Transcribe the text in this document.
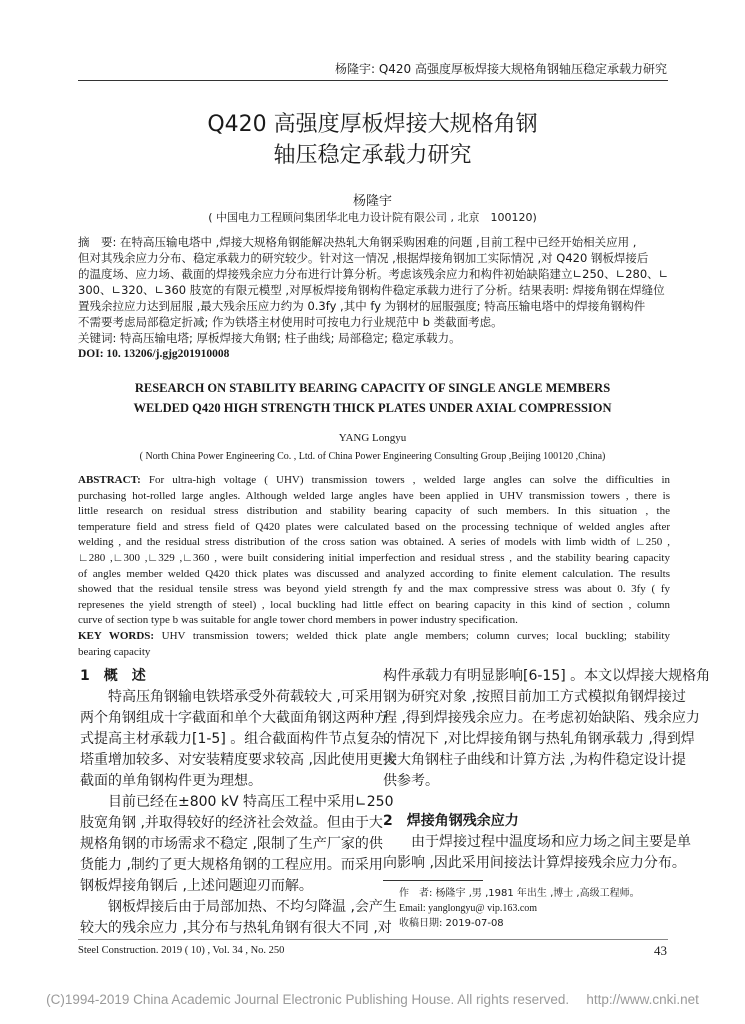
杨隆宇: Q420 高强度厚板焊接大规格角钢轴压稳定承载力研究
Q420 高强度厚板焊接大规格角钢
轴压稳定承载力研究
杨隆宇
( 中国电力工程顾问集团华北电力设计院有限公司 , 北京　100120)
摘　要: 在特高压输电塔中 ,焊接大规格角钢能解决热轧大角钢采购困难的问题 ,目前工程中已经开始相关应用 ,
但对其残余应力分布、稳定承载力的研究较少。针对这一情况 ,根据焊接角钢加工实际情况 ,对 Q420 钢板焊接后
的温度场、应力场、截面的焊接残余应力分布进行计算分析。考虑该残余应力和构件初始缺陷建立∟250、∟280、∟
300、∟320、∟360 肢宽的有限元模型 ,对厚板焊接角钢构件稳定承载力进行了分析。结果表明: 焊接角钢在焊缝位
置残余拉应力达到屈服 ,最大残余压应力约为 0.3fy ,其中 fy 为钢材的屈服强度; 特高压输电塔中的焊接角钢构件
不需要考虑局部稳定折减; 作为铁塔主材使用时可按电力行业规范中 b 类截面考虑。
关键词: 特高压输电塔; 厚板焊接大角钢; 柱子曲线; 局部稳定; 稳定承载力。
DOI: 10. 13206/j.gjg201910008
RESEARCH ON STABILITY BEARING CAPACITY OF SINGLE ANGLE MEMBERS
WELDED Q420 HIGH STRENGTH THICK PLATES UNDER AXIAL COMPRESSION
YANG Longyu
( North China Power Engineering Co. , Ltd. of China Power Engineering Consulting Group ,Beijing 100120 ,China)
ABSTRACT: For ultra-high voltage ( UHV) transmission towers , welded large angles can solve the difficulties in
purchasing hot-rolled large angles. Although welded large angles have been applied in UHV transmission towers , there is
little research on residual stress distribution and stability bearing capacity of such members. In this situation , the
temperature field and stress field of Q420 plates were calculated based on the processing technique of welded angles after
welding , and the residual stress distribution of the cross sation was obtained. A series of models with limb width of ∟250 ,
∟280 ,∟300 ,∟329 ,∟360 , were built considering initial imperfection and residual stress , and the stability bearing capacity
of angles member welded Q420 thick plates was discussed and analyzed according to finite element calculation. The results
showed that the residual tensile stress was beyond yield strength fy and the max compressive stress was about 0. 3fy ( fy
represenes the yield strength of steel) , local buckling had little effect on bearing capacity in this kind of section , column
curve of section type b was suitable for angle tower chord members in power industry specification.
KEY WORDS: UHV transmission towers; welded thick plate angle members; column curves; local buckling; stability
bearing capacity
1　概　述
特高压角钢输电铁塔承受外荷载较大 ,可采用
两个角钢组成十字截面和单个大截面角钢这两种方
式提高主材承载力[1-5] 。组合截面构件节点复杂、
塔重增加较多、对安装精度要求较高 ,因此使用更大
截面的单角钢构件更为理想。
目前已经在±800 kV 特高压工程中采用∟250
肢宽角钢 ,并取得较好的经济社会效益。但由于大
规格角钢的市场需求不稳定 ,限制了生产厂家的供
货能力 ,制约了更大规格角钢的工程应用。而采用
钢板焊接角钢后 ,上述问题迎刃而解。
钢板焊接后由于局部加热、不均匀降温 ,会产生
较大的残余应力 ,其分布与热轧角钢有很大不同 ,对
构件承载力有明显影响[6-15] 。本文以焊接大规格角
钢为研究对象 ,按照目前加工方式模拟角钢焊接过
程 ,得到焊接残余应力。在考虑初始缺陷、残余应力
的情况下 ,对比焊接角钢与热轧角钢承载力 ,得到焊
接大角钢柱子曲线和计算方法 ,为构件稳定设计提
供参考。
2　焊接角钢残余应力
由于焊接过程中温度场和应力场之间主要是单
向影响 ,因此采用间接法计算焊接残余应力分布。
作　者: 杨隆宇 ,男 ,1981 年出生 ,博士 ,高级工程师。
Email: yanglongyu@ vip.163.com
收稿日期: 2019-07-08
Steel Construction. 2019 ( 10) , Vol. 34 , No. 250	43
(C)1994-2019 China Academic Journal Electronic Publishing House. All rights reserved.　 http://www.cnki.net
